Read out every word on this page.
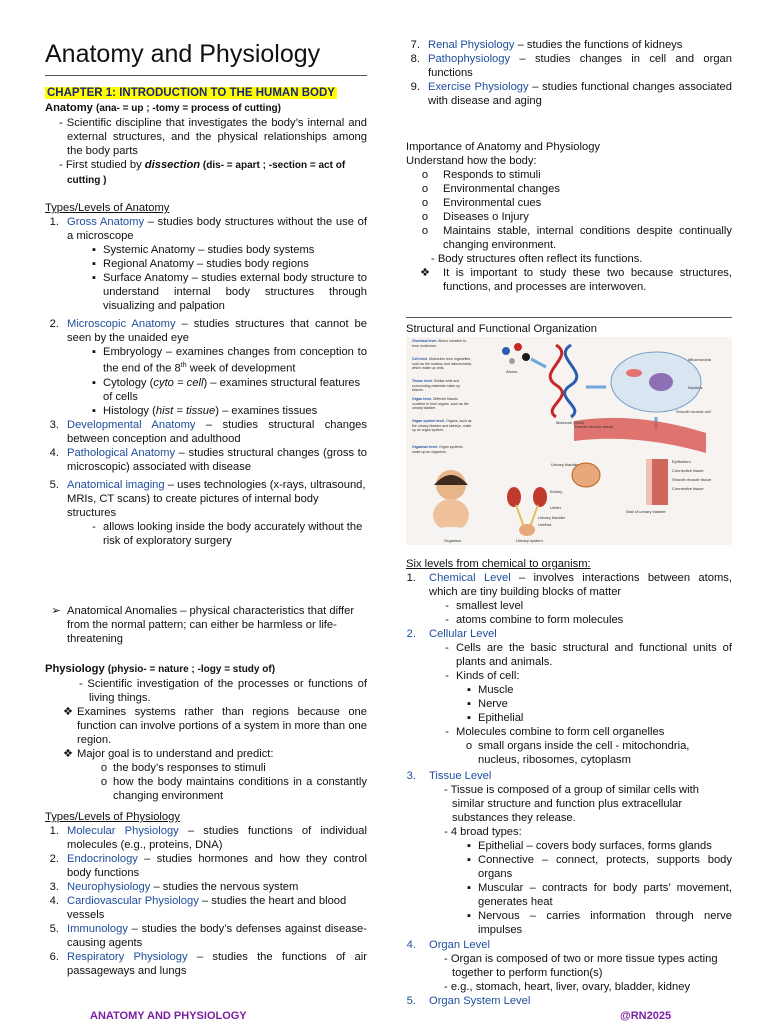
Anatomy and Physiology
CHAPTER 1: INTRODUCTION TO THE HUMAN BODY
Anatomy (ana- = up ; -tomy = process of cutting)
- Scientific discipline that investigates the body’s internal and external structures, and the physical relationships among the body parts
- First studied by dissection (dis- = apart ; -section = act of cutting )
Types/Levels of Anatomy
1. Gross Anatomy – studies body structures without the use of a microscope
▪ Systemic Anatomy – studies body systems
▪ Regional Anatomy – studies body regions
▪ Surface Anatomy – studies external body structure to understand internal body structures through visualizing and palpation
2. Microscopic Anatomy – studies structures that cannot be seen by the unaided eye
▪ Embryology – examines changes from conception to the end of the 8th week of development
▪ Cytology (cyto = cell) – examines structural features of cells
▪ Histology (hist = tissue) – examines tissues
3. Developmental Anatomy – studies structural changes between conception and adulthood
4. Pathological Anatomy – studies structural changes (gross to microscopic) associated with disease
5. Anatomical imaging – uses technologies (x-rays, ultrasound, MRIs, CT scans) to create pictures of internal body structures
- allows looking inside the body accurately without the risk of exploratory surgery
➢ Anatomical Anomalies – physical characteristics that differ from the normal pattern; can either be harmless or life-threatening
Physiology (physio- = nature ; -logy = study of)
- Scientific investigation of the processes or functions of living things.
❖ Examines systems rather than regions because one function can involve portions of a system in more than one region.
❖ Major goal is to understand and predict:
o the body’s responses to stimuli
o how the body maintains conditions in a constantly changing environment
Types/Levels of Physiology
1. Molecular Physiology – studies functions of individual molecules (e.g., proteins, DNA)
2. Endocrinology – studies hormones and how they control body functions
3. Neurophysiology – studies the nervous system
4. Cardiovascular Physiology – studies the heart and blood vessels
5. Immunology – studies the body’s defenses against disease-causing agents
6. Respiratory Physiology – studies the functions of air passageways and lungs
ANATOMY AND PHYSIOLOGY	@RN2025
7. Renal Physiology – studies the functions of kidneys
8. Pathophysiology – studies changes in cell and organ functions
9. Exercise Physiology – studies functional changes associated with disease and aging
Importance of Anatomy and Physiology
Understand how the body:
o	Responds to stimuli
o	Environmental changes
o	Environmental cues
o	Diseases o Injury
o	Maintains stable, internal conditions despite continually changing environment.
- Body structures often reflect its functions.
❖	It is important to study these two because structures, functions, and processes are interwoven.
Structural and Functional Organization
Six levels from chemical to organism:
1.	Chemical Level – involves interactions between atoms, which are tiny building blocks of matter
- smallest level
- atoms combine to form molecules
2.	Cellular Level
- Cells are the basic structural and functional units of plants and animals.
- Kinds of cell:
▪ Muscle
▪ Nerve
▪ Epithelial
- Molecules combine to form cell organelles
o small organs inside the cell - mitochondria, nucleus, ribosomes, cytoplasm
3.	Tissue Level
- Tissue is composed of a group of similar cells with similar structure and function plus extracellular substances they release.
- 4 broad types:
▪ Epithelial – covers body surfaces, forms glands
▪ Connective – connect, protects, supports body organs
▪ Muscular – contracts for body parts’ movement, generates heat
▪ Nervous – carries information through nerve impulses
4.	Organ Level
- Organ is composed of two or more tissue types acting together to perform function(s)
- e.g., stomach, heart, liver, ovary, bladder, kidney
5.	Organ System Level
Chemical level. Atoms combine to form molecules.
Cell level. Molecules form organelles, such as the nucleus and mitochondria, which make up cells.
Tissue level. Similar cells and surrounding materials make up tissues.
Organ level. Different tissues combine to form organs, such as the urinary bladder.
Organ system level. Organs, such as the urinary bladder and kidneys, make up an organ system.
Organism level. Organ systems make up an organism.
Atoms
Molecule (DNA)
Mitochondria
Nucleus
Smooth muscle cell
Smooth muscle tissue
Urinary bladder
Epithelium
Connective tissue
Smooth muscle tissue
Connective tissue
Wall of urinary bladder
Kidney
Ureter
Urinary bladder
Urethra
Urinary system
Organism
